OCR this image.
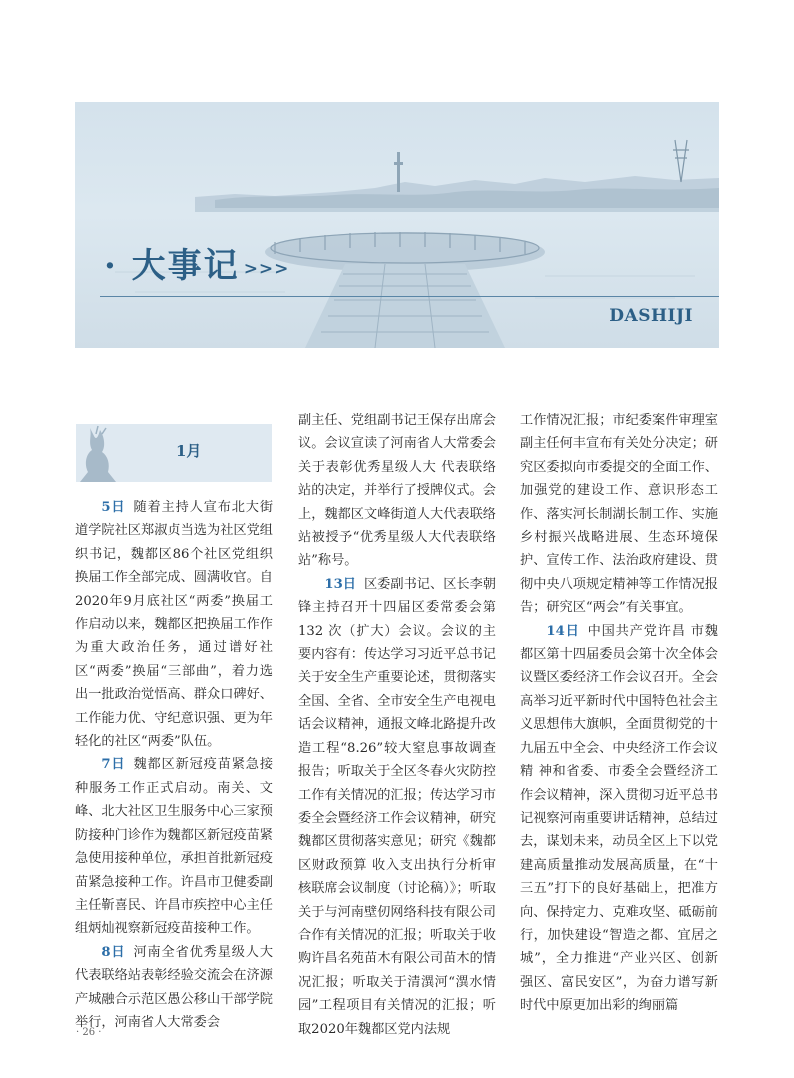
· 大事记 >>>
DASHIJI
1月

5日 随着主持人宣布北大街道学院社区郑淑贞当选为社区党组织书记，魏都区86个社区党组织换届工作全部完成、圆满收官。自2020年9月底社区“两委”换届工作启动以来，魏都区把换届工作作为重大政治任务，通过谱好社区“两委”换届“三部曲”，着力选出一批政治觉悟高、群众口碑好、工作能力优、守纪意识强、更为年轻化的社区“两委”队伍。

7日 魏都区新冠疫苗紧急接种服务工作正式启动。南关、文峰、北大社区卫生服务中心三家预防接种门诊作为魏都区新冠疫苗紧急使用接种单位，承担首批新冠疫苗紧急接种工作。许昌市卫健委副主任靳喜民、许昌市疾控中心主任组炳灿视察新冠疫苗接种工作。

8日 河南全省优秀星级人大代表联络站表彰经验交流会在济源产城融合示范区愚公移山干部学院举行，河南省人大常委会

副主任、党组副书记王保存出席会议。会议宣读了河南省人大常委会关于表彰优秀星级人大 代表联络站的决定，并举行了授牌仪式。会上，魏都区文峰街道人大代表联络站被授予“优秀星级人大代表联络站”称号。

13日 区委副书记、区长李朝锋主持召开十四届区委常委会第132 次（扩大）会议。会议的主要内容有：传达学习习近平总书记关于安全生产重要论述，贯彻落实全国、全省、全市安全生产电视电话会议精神，通报文峰北路提升改造工程“8.26”较大窒息事故调查报告；听取关于全区冬春火灾防控工作有关情况的汇报；传达学习市委全会暨经济工作会议精神，研究魏都区贯彻落实意见；研究《魏都区财政预算 收入支出执行分析审核联席会议制度（讨论稿）》；听取关于与河南壁仞网络科技有限公司合作有关情况的汇报；听取关于收购许昌名苑苗木有限公司苗木的情况汇报；听取关于清潩河“潩水情园”工程项目有关情况的汇报；听取2020年魏都区党内法规

工作情况汇报；市纪委案件审理室副主任何丰宣布有关处分决定；研究区委拟向市委提交的全面工作、加强党的建设工作、意识形态工作、落实河长制湖长制工作、实施乡村振兴战略进展、生态环境保护、宣传工作、法治政府建设、贯彻中央八项规定精神等工作情况报告；研究区“两会”有关事宜。

14日 中国共产党许昌 市魏都区第十四届委员会第十次全体会议暨区委经济工作会议召开。全会高举习近平新时代中国特色社会主义思想伟大旗帜，全面贯彻党的十九届五中全会、中央经济工作会议精 神和省委、市委全会暨经济工作会议精神，深入贯彻习近平总书记视察河南重要讲话精神，总结过去，谋划未来，动员全区上下以党建高质量推动发展高质量，在“十三五”打下的良好基础上，把准方向、保持定力、克难攻坚、砥砺前行，加快建设“智造之都、宜居之城”，全力推进“产业兴区、创新强区、富民安区”，为奋力谱写新时代中原更加出彩的绚丽篇

· 26 ·
